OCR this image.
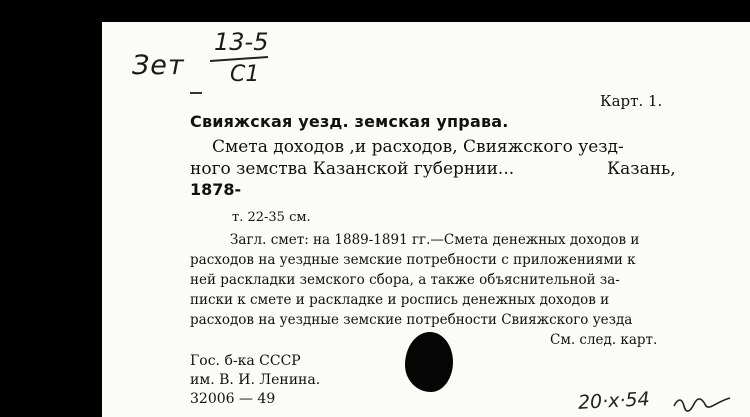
Зет
13-5
C1
Карт. 1.
Свияжская уезд. земская управа.
Смета доходов ,и расходов, Свияжского уезд-
ного земства Казанской губернии...	Казань,
1878-
т. 22-35 см.
Загл. смет: на 1889-1891 гг.—Смета денежных доходов и
расходов на уездные земские потребности с приложениями к
ней раскладки земского сбора, а также объяснительной за-
писки к смете и раскладке и роспись денежных доходов и
расходов на уездные земские потребности Свияжского уезда
См. след. карт.
Гос. б-ка СССР
им. В. И. Ленина.
32006 — 49	20·х·54
